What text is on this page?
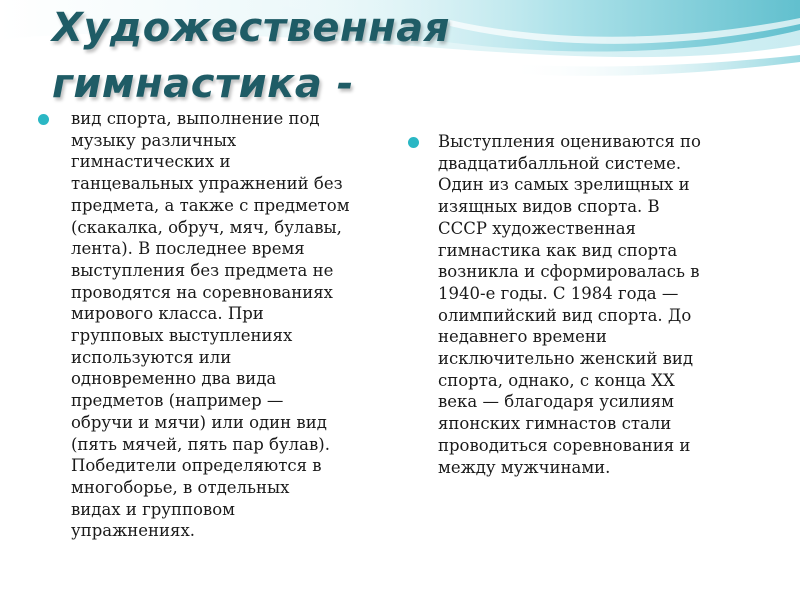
Художественная
гимнастика -

вид спорта, выполнение под
музыку различных
гимнастических и
танцевальных упражнений без
предмета, а также с предметом
(скакалка, обруч, мяч, булавы,
лента). В последнее время
выступления без предмета не
проводятся на соревнованиях
мирового класса. При
групповых выступлениях
используются или
одновременно два вида
предметов (например —
обручи и мячи) или один вид
(пять мячей, пять пар булав).
Победители определяются в
многоборье, в отдельных
видах и групповом
упражнениях.

Выступления оцениваются по
двадцатибалльной системе.
Один из самых зрелищных и
изящных видов спорта. В
СССР художественная
гимнастика как вид спорта
возникла и сформировалась в
1940-е годы. С 1984 года —
олимпийский вид спорта. До
недавнего времени
исключительно женский вид
спорта, однако, с конца XX
века — благодаря усилиям
японских гимнастов стали
проводиться соревнования и
между мужчинами.
